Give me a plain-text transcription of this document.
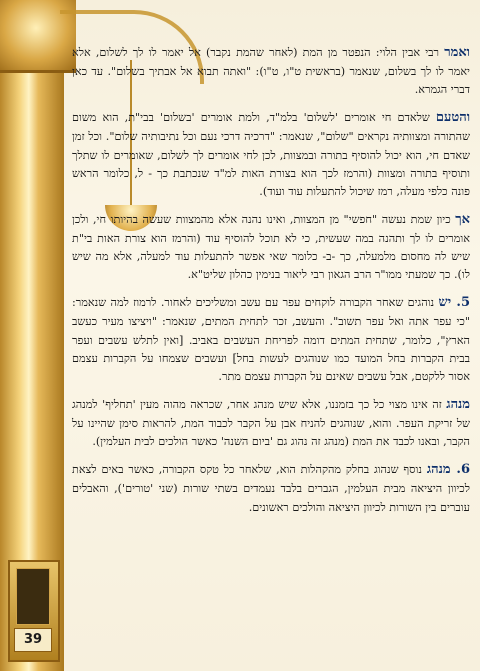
39

ואמר רבי אבין הלוי: הנפטר מן המת (לאחר שהמת נקבר) אל יאמר לו לך לשלום, אלא יאמר לו לך בשלום, שנאמר (בראשית ט"ו, ט"ו): "ואתה תבוא אל אבתיך בשלום". עד כאן דברי הגמרא.

והטעם שלאדם חי אומרים 'לשלום' בלמ"ד, ולמת אומרים 'בשלום' בבי"ת, הוא משום שהתורה ומצוותיה נקראים "שלום", שנאמר: "דרכיה דרכי נעם וכל נתיבותיה שלום". וכל זמן שאדם חי, הוא יכול להוסיף בתורה ובמצוות, לכן לחי אומרים לך לשלום, שאומרים לו שתלך ותוסיף בתורה ומצוות (והרמז לכך הוא בצורת האות למ"ד שנכתבת כך - ל, כלומר הראש פונה כלפי מעלה, רמז שיכול להתעלות עוד ועוד).

אך כיון שמת נעשה "חפשי" מן המצוות, ואינו נהנה אלא מהמצוות שעשה בהיותו חי, ולכן אומרים לו לך ותהנה במה שעשית, כי לא תוכל להוסיף עוד (והרמז הוא צורת האות בי"ת שיש לה מחסום מלמעלה, כך -ב- כלומר שאי אפשר להתעלות עוד למעלה, אלא מה שיש לו). כך שמעתי ממו"ר הרב הגאון רבי ליאור בנימין כהלון שליט"א.

5. יש נוהגים שאחר הקבורה לוקחים עפר עם עשב ומשליכים לאחור. לרמוז למה שנאמר: "כי עפר אתה ואל עפר תשוב". והעשב, זכר לתחית המתים, שנאמר: "ויציצו מעיר כעשב הארץ", כלומר, שתחית המתים דומה לפריחת העשבים באביב. [ואין לתלש עשבים ועפר בבית הקברות בחל המועד כמו שנוהגים לעשות בחל] ועשבים שצמחו על הקברות עצמם אסור ללקטם, אבל עשבים שאינם על הקברות עצמם מתר.

מנהג זה אינו מצוי כל כך בזמננו, אלא שיש מנהג אחר, שכראה מהוה מעין 'תחליף' למנהג של זריקת העפר. והוא, שנוהגים להניח אבן על הקבר לכבוד המת, להראות סימן שהיינו על הקבר, ובאנו לכבד את המת (מנהג זה נהוג גם 'ביום השנה' כאשר הולכים לבית העלמין).

6. מנהג נוסף שנהוג בחלק מהקהלות הוא, שלאחר כל טקס הקבורה, כאשר באים לצאת לכיוון היציאה מבית העלמין, הגברים בלבד נעמדים בשתי שורות (שני 'טורים'), והאבלים עוברים בין השורות לכיוון היציאה והולכים ראשונים.
